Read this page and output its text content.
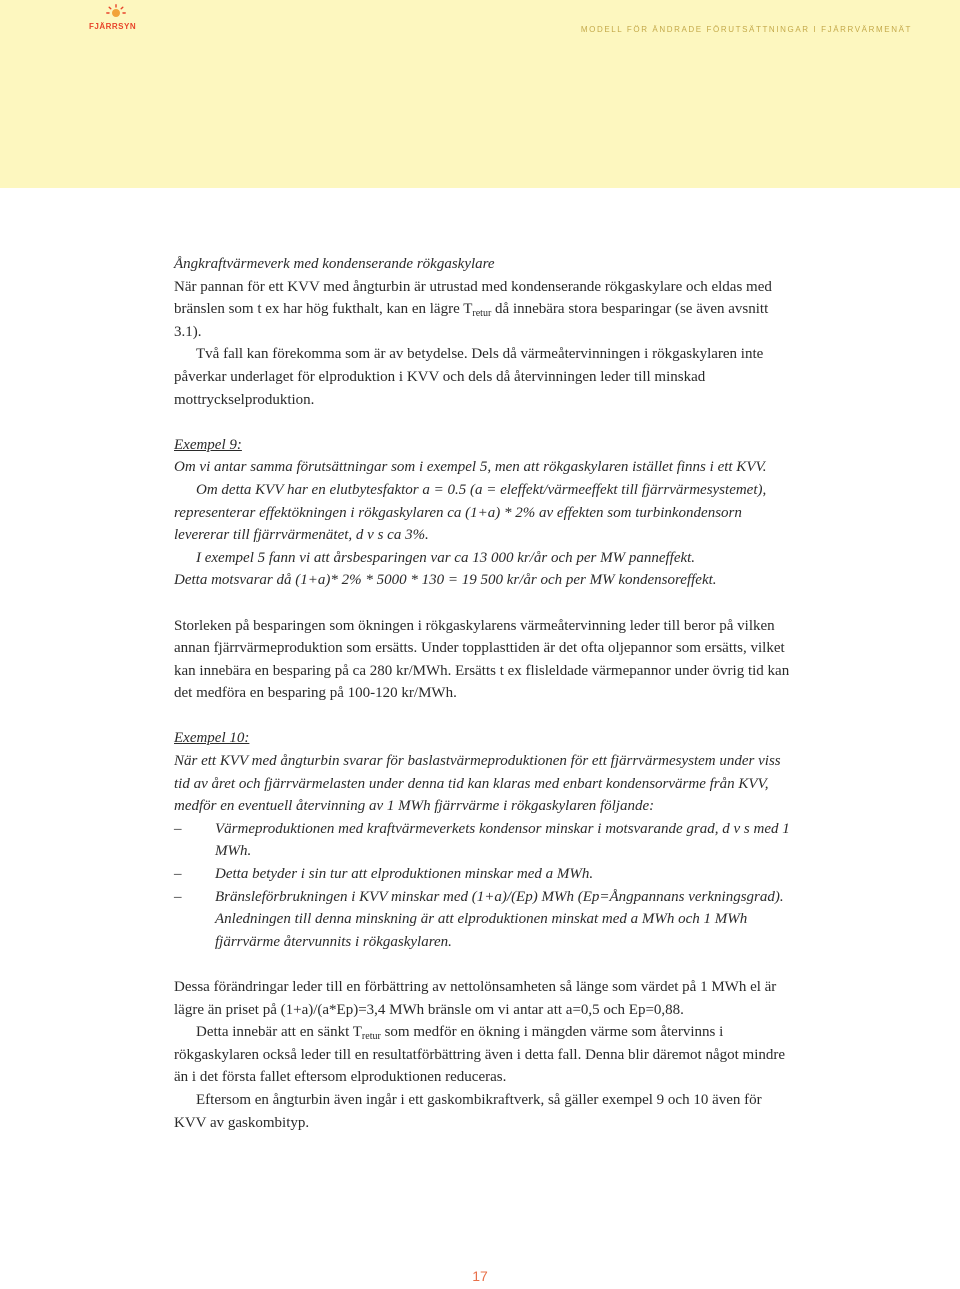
FJÄRRSYN	MODELL FÖR ÄNDRADE FÖRUTSÄTTNINGAR I FJÄRRVÄRMENÄT

Ångkraftvärmeverk med kondenserande rökgaskylare

När pannan för ett KVV med ångturbin är utrustad med kondenserande rökgaskylare och eldas med bränslen som t ex har hög fukthalt, kan en lägre $T_{retur}$ då innebära stora besparingar (se även avsnitt 3.1).

Två fall kan förekomma som är av betydelse. Dels då värmeåtervinningen i rökgaskylaren inte påverkar underlaget för elproduktion i KVV och dels då återvinningen leder till minskad mottryckselproduktion.

Exempel 9:

Om vi antar samma förutsättningar som i exempel 5, men att rökgaskylaren istället finns i ett KVV.

Om detta KVV har en elutbytesfaktor a = 0.5 (a = eleffekt/värmeeffekt till fjärrvärmesystemet), representerar effektökningen i rökgaskylaren ca (1+a) * 2% av effekten som turbinkondensorn levererar till fjärrvärmenätet, d v s ca 3%.

I exempel 5 fann vi att årsbesparingen var ca 13 000 kr/år och per MW panneffekt.

Detta motsvarar då (1+a)* 2% * 5000 * 130 = 19 500 kr/år och per MW kondensoreffekt.

Storleken på besparingen som ökningen i rökgaskylarens värmeåtervinning leder till beror på vilken annan fjärrvärmeproduktion som ersätts. Under topplasttiden är det ofta oljepannor som ersätts, vilket kan innebära en besparing på ca 280 kr/MWh. Ersätts t ex flisleldade värmepannor under övrig tid kan det medföra en besparing på 100-120 kr/MWh.

Exempel 10:

När ett KVV med ångturbin svarar för baslastvärmeproduktionen för ett fjärrvärmesystem under viss tid av året och fjärrvärmelasten under denna tid kan klaras med enbart kondensorvärme från KVV, medför en eventuell återvinning av 1 MWh fjärrvärme i rökgaskylaren följande:

– Värmeproduktionen med kraftvärmeverkets kondensor minskar i motsvarande grad, d v s med 1 MWh.
– Detta betyder i sin tur att elproduktionen minskar med a MWh.
– Bränsleförbrukningen i KVV minskar med (1+a)/(Ep) MWh (Ep=Ångpannans verkningsgrad). Anledningen till denna minskning är att elproduktionen minskat med a MWh och 1 MWh fjärrvärme återvunnits i rökgaskylaren.

Dessa förändringar leder till en förbättring av nettolönsamheten så länge som värdet på 1 MWh el är lägre än priset på (1+a)/(a*Ep)=3,4 MWh bränsle om vi antar att a=0,5 och Ep=0,88.

Detta innebär att en sänkt $T_{retur}$ som medför en ökning i mängden värme som återvinns i rökgaskylaren också leder till en resultatförbättring även i detta fall. Denna blir däremot något mindre än i det första fallet eftersom elproduktionen reduceras.

Eftersom en ångturbin även ingår i ett gaskombikraftverk, så gäller exempel 9 och 10 även för KVV av gaskombityp.

17
